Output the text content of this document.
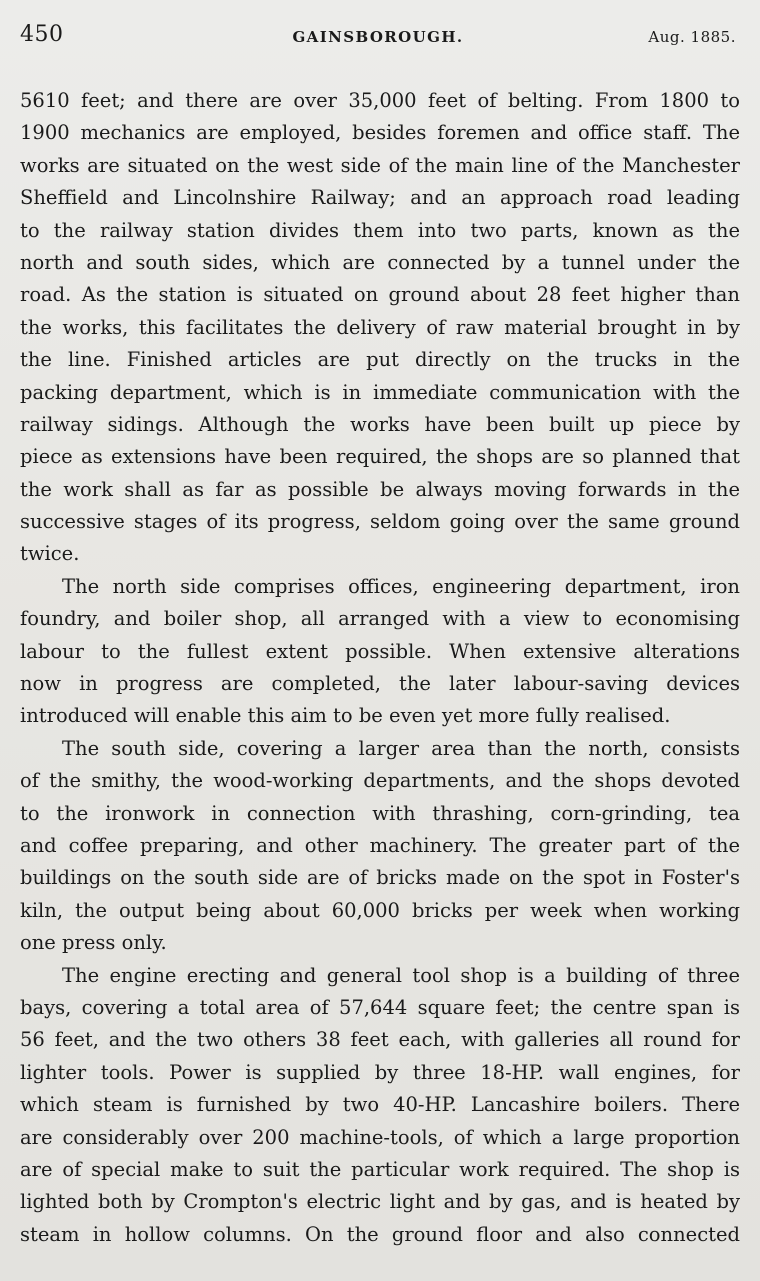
450	GAINSBOROUGH.	Aug. 1885.
5610 feet; and there are over 35,000 feet of belting. From 1800 to
1900 mechanics are employed, besides foremen and office staff. The
works are situated on the west side of the main line of the Manchester
Sheffield and Lincolnshire Railway; and an approach road leading
to the railway station divides them into two parts, known as the
north and south sides, which are connected by a tunnel under the
road. As the station is situated on ground about 28 feet higher than
the works, this facilitates the delivery of raw material brought in by
the line. Finished articles are put directly on the trucks in the
packing department, which is in immediate communication with the
railway sidings. Although the works have been built up piece by
piece as extensions have been required, the shops are so planned that
the work shall as far as possible be always moving forwards in the
successive stages of its progress, seldom going over the same ground
twice.
The north side comprises offices, engineering department, iron
foundry, and boiler shop, all arranged with a view to economising
labour to the fullest extent possible. When extensive alterations
now in progress are completed, the later labour-saving devices
introduced will enable this aim to be even yet more fully realised.
The south side, covering a larger area than the north, consists
of the smithy, the wood-working departments, and the shops devoted
to the ironwork in connection with thrashing, corn-grinding, tea
and coffee preparing, and other machinery. The greater part of the
buildings on the south side are of bricks made on the spot in Foster's
kiln, the output being about 60,000 bricks per week when working
one press only.
The engine erecting and general tool shop is a building of three
bays, covering a total area of 57,644 square feet; the centre span is
56 feet, and the two others 38 feet each, with galleries all round for
lighter tools. Power is supplied by three 18-HP. wall engines, for
which steam is furnished by two 40-HP. Lancashire boilers. There
are considerably over 200 machine-tools, of which a large proportion
are of special make to suit the particular work required. The shop is
lighted both by Crompton's electric light and by gas, and is heated by
steam in hollow columns. On the ground floor and also connected
